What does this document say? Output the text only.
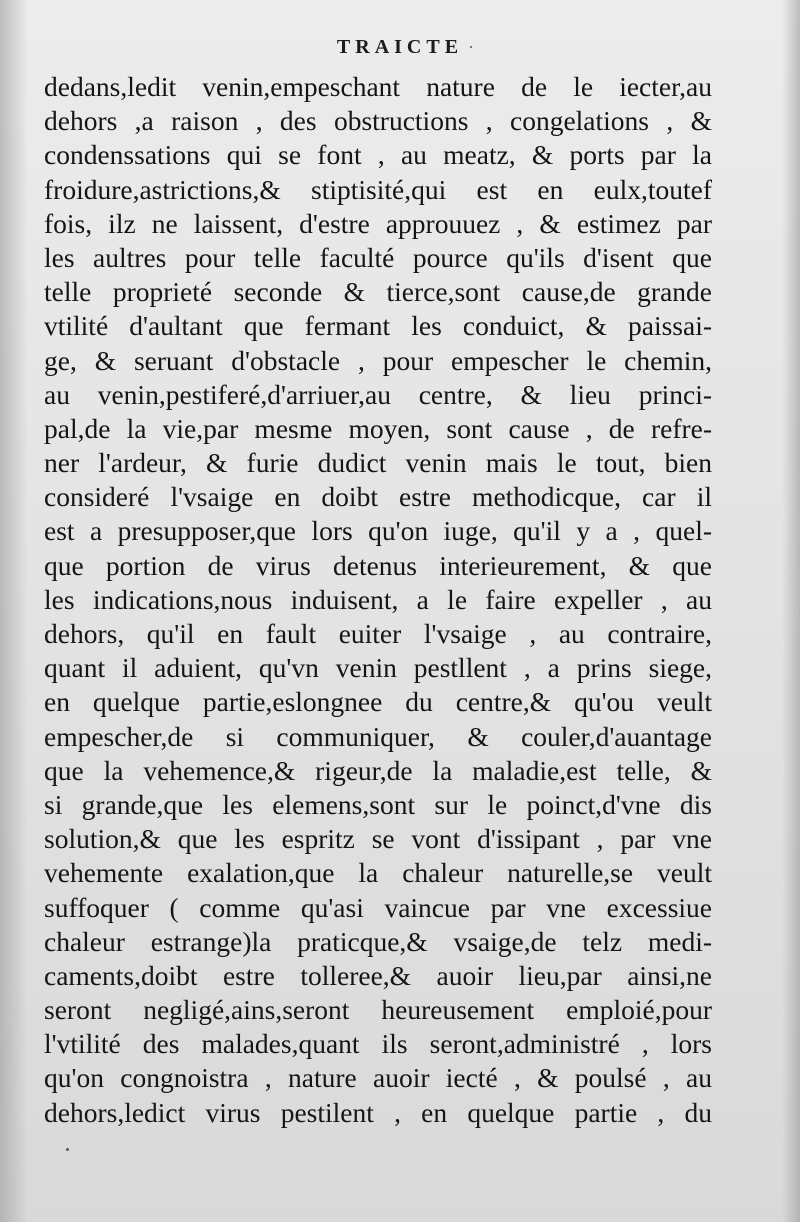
TRAICTE
dedans,ledit venin,empeschant nature de le iecter,au
dehors ,a raison , des obstructions , congelations , &
condenssations qui se font , au meatz, & ports par la
froidure,astrictions,& stiptisité,qui est en eulx,toutef
fois, ilz ne laissent, d'estre approuuez , & estimez par
les aultres pour telle faculté pource qu'ils d'isent que
telle proprieté seconde & tierce,sont cause,de grande
vtilité d'aultant que fermant les conduict, & paissai-
ge, & seruant d'obstacle , pour empescher le chemin,
au venin,pestiferé,d'arriuer,au centre, & lieu princi-
pal,de la vie,par mesme moyen, sont cause , de refre-
ner l'ardeur, & furie dudict venin mais le tout, bien
consideré l'vsaige en doibt estre methodicque, car il
est a presupposer,que lors qu'on iuge, qu'il y a , quel-
que portion de virus detenus interieurement, & que
les indications,nous induisent, a le faire expeller , au
dehors, qu'il en fault euiter l'vsaige , au contraire,
quant il aduient, qu'vn venin pestllent , a prins siege,
en quelque partie,eslongnee du centre,& qu'ou veult
empescher,de si communiquer, & couler,d'auantage
que la vehemence,& rigeur,de la maladie,est telle, &
si grande,que les elemens,sont sur le poinct,d'vne dis
solution,& que les espritz se vont d'issipant , par vne
vehemente exalation,que la chaleur naturelle,se veult
suffoquer ( comme qu'asi vaincue par vne excessiue
chaleur estrange)la praticque,& vsaige,de telz medi-
caments,doibt estre tolleree,& auoir lieu,par ainsi,ne
seront negligé,ains,seront heureusement emploié,pour
l'vtilité des malades,quant ils seront,administré , lors
qu'on congnoistra , nature auoir iecté , & poulsé , au
dehors,ledict virus pestilent , en quelque partie , du
